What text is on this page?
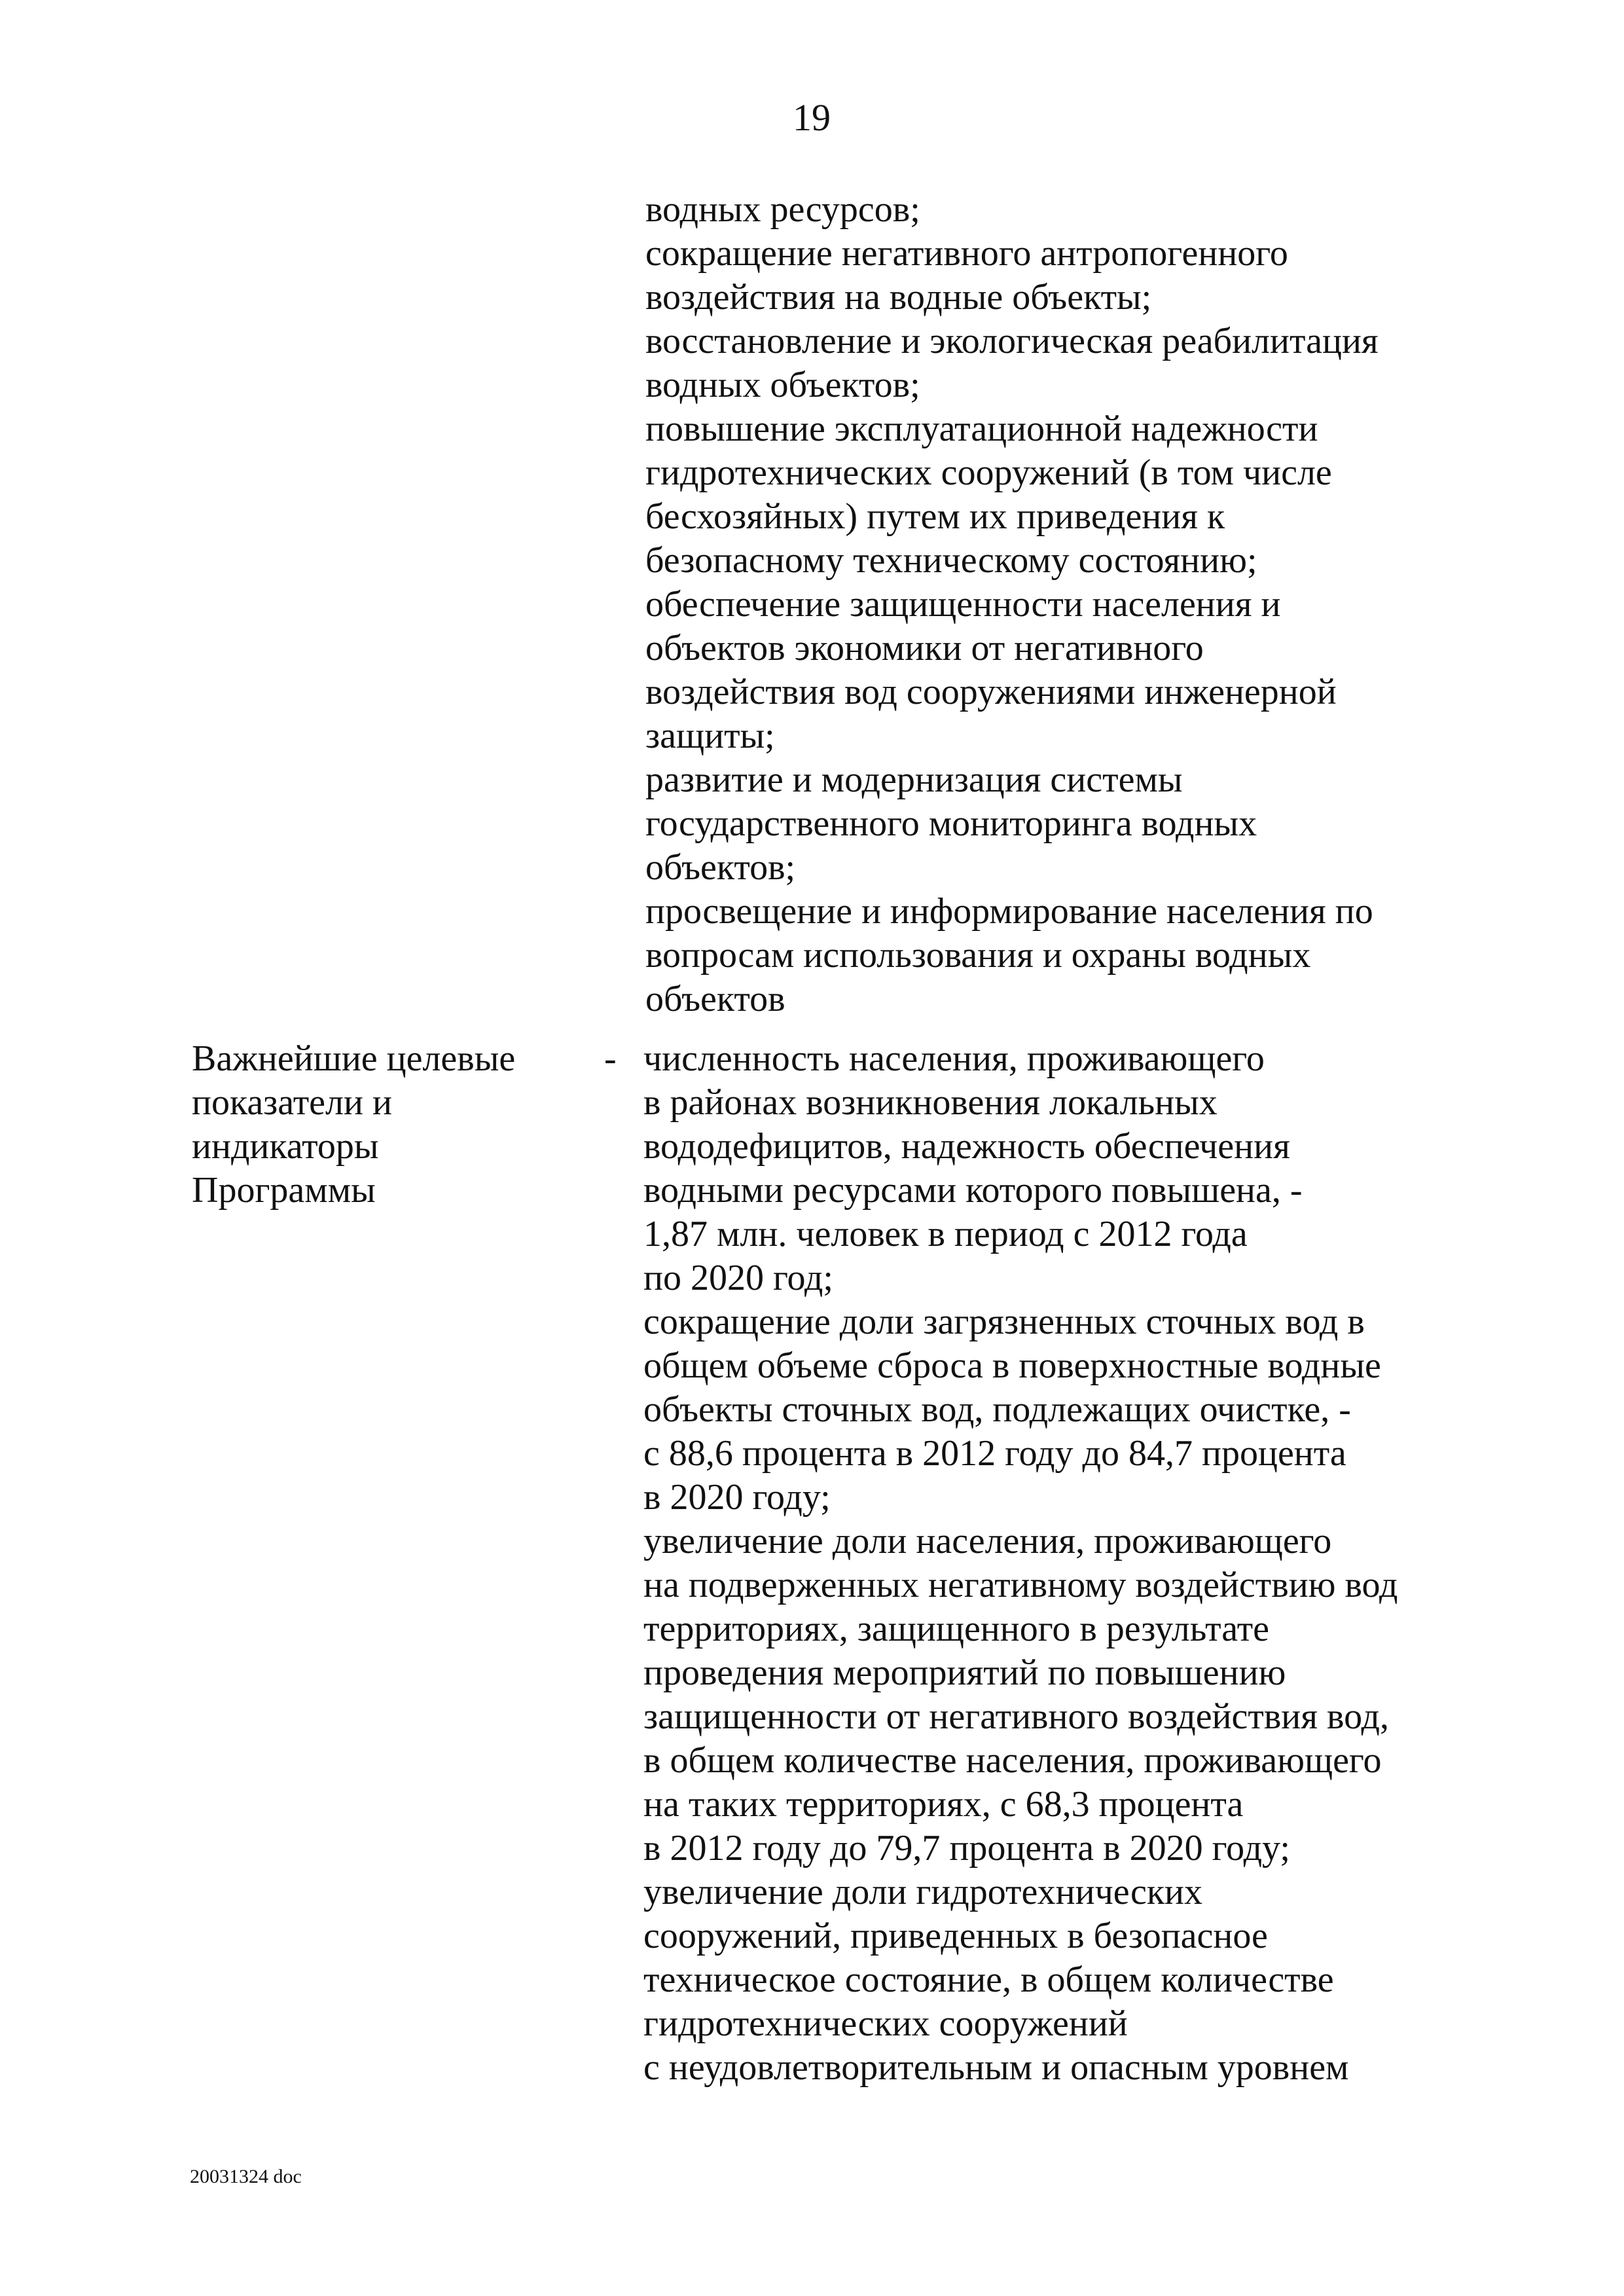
19
водных ресурсов;
сокращение негативного антропогенного
воздействия на водные объекты;
восстановление и экологическая реабилитация
водных объектов;
повышение эксплуатационной надежности
гидротехнических сооружений (в том числе
бесхозяйных) путем их приведения к
безопасному техническому состоянию;
обеспечение защищенности населения и
объектов экономики от негативного
воздействия вод сооружениями инженерной
защиты;
развитие и модернизация системы
государственного мониторинга водных
объектов;
просвещение и информирование населения по
вопросам использования и охраны водных
объектов
Важнейшие целевые
показатели и
индикаторы
Программы
- численность населения, проживающего
в районах возникновения локальных
вододефицитов, надежность обеспечения
водными ресурсами которого повышена, -
1,87 млн. человек в период с 2012 года
по 2020 год;
сокращение доли загрязненных сточных вод в
общем объеме сброса в поверхностные водные
объекты сточных вод, подлежащих очистке, -
с 88,6 процента в 2012 году до 84,7 процента
в 2020 году;
увеличение доли населения, проживающего
на подверженных негативному воздействию вод
территориях, защищенного в результате
проведения мероприятий по повышению
защищенности от негативного воздействия вод,
в общем количестве населения, проживающего
на таких территориях, с 68,3 процента
в 2012 году до 79,7 процента в 2020 году;
увеличение доли гидротехнических
сооружений, приведенных в безопасное
техническое состояние, в общем количестве
гидротехнических сооружений
с неудовлетворительным и опасным уровнем
20031324 doc
